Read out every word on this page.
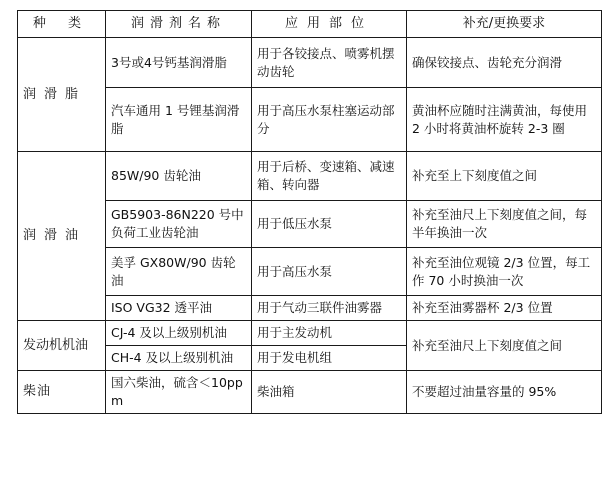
种 类	润滑剂名称	应用部位	补充/更换要求
润滑脂	3号或4号钙基润滑脂	用于各铰接点、喷雾机摆动齿轮	确保铰接点、齿轮充分润滑
	汽车通用 1 号锂基润滑脂	用于高压水泵柱塞运动部分	黄油杯应随时注满黄油，每使用 2 小时将黄油杯旋转 2-3 圈
润滑油	85W/90 齿轮油	用于后桥、变速箱、减速箱、转向器	补充至上下刻度值之间
	GB5903-86N220 号中负荷工业齿轮油	用于低压水泵	补充至油尺上下刻度值之间，每半年换油一次
	美孚 GX80W/90 齿轮油	用于高压水泵	补充至油位观镜 2/3 位置，每工作 70 小时换油一次
	ISO VG32 透平油	用于气动三联件油雾器	补充至油雾器杯 2/3 位置
发动机机油	CJ-4 及以上级别机油	用于主发动机	补充至油尺上下刻度值之间
	CH-4 及以上级别机油	用于发电机组	
柴油	国六柴油，硫含＜10ppm	柴油箱	不要超过油量容量的 95%
